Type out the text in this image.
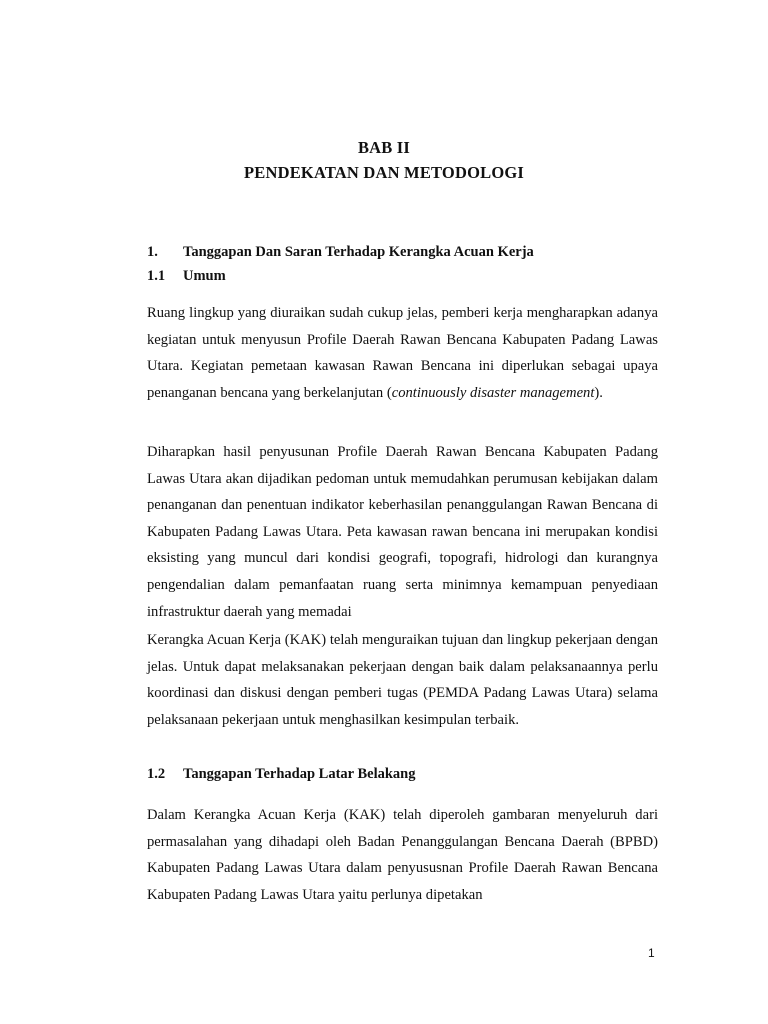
BAB II
PENDEKATAN DAN METODOLOGI
1. Tanggapan Dan Saran Terhadap Kerangka Acuan Kerja
1.1 Umum
Ruang lingkup yang diuraikan sudah cukup jelas, pemberi kerja mengharapkan adanya kegiatan untuk menyusun Profile Daerah Rawan Bencana Kabupaten Padang Lawas Utara. Kegiatan pemetaan kawasan Rawan Bencana ini diperlukan sebagai upaya penanganan bencana yang berkelanjutan (continuously disaster management).
Diharapkan hasil penyusunan Profile Daerah Rawan Bencana Kabupaten Padang Lawas Utara akan dijadikan pedoman untuk memudahkan perumusan kebijakan dalam penanganan dan penentuan indikator keberhasilan penanggulangan Rawan Bencana di Kabupaten Padang Lawas Utara. Peta kawasan rawan bencana ini merupakan kondisi eksisting yang muncul dari kondisi geografi, topografi, hidrologi dan kurangnya pengendalian dalam pemanfaatan ruang serta minimnya kemampuan penyediaan infrastruktur daerah yang memadai
Kerangka Acuan Kerja (KAK) telah menguraikan tujuan dan lingkup pekerjaan dengan jelas. Untuk dapat melaksanakan pekerjaan dengan baik dalam pelaksanaannya perlu koordinasi dan diskusi dengan pemberi tugas (PEMDA Padang Lawas Utara) selama pelaksanaan pekerjaan untuk menghasilkan kesimpulan terbaik.
1.2 Tanggapan Terhadap Latar Belakang
Dalam Kerangka Acuan Kerja (KAK) telah diperoleh gambaran menyeluruh dari permasalahan yang dihadapi oleh Badan Penanggulangan Bencana Daerah (BPBD) Kabupaten Padang Lawas Utara dalam penyususnan Profile Daerah Rawan Bencana Kabupaten Padang Lawas Utara yaitu perlunya dipetakan
1
